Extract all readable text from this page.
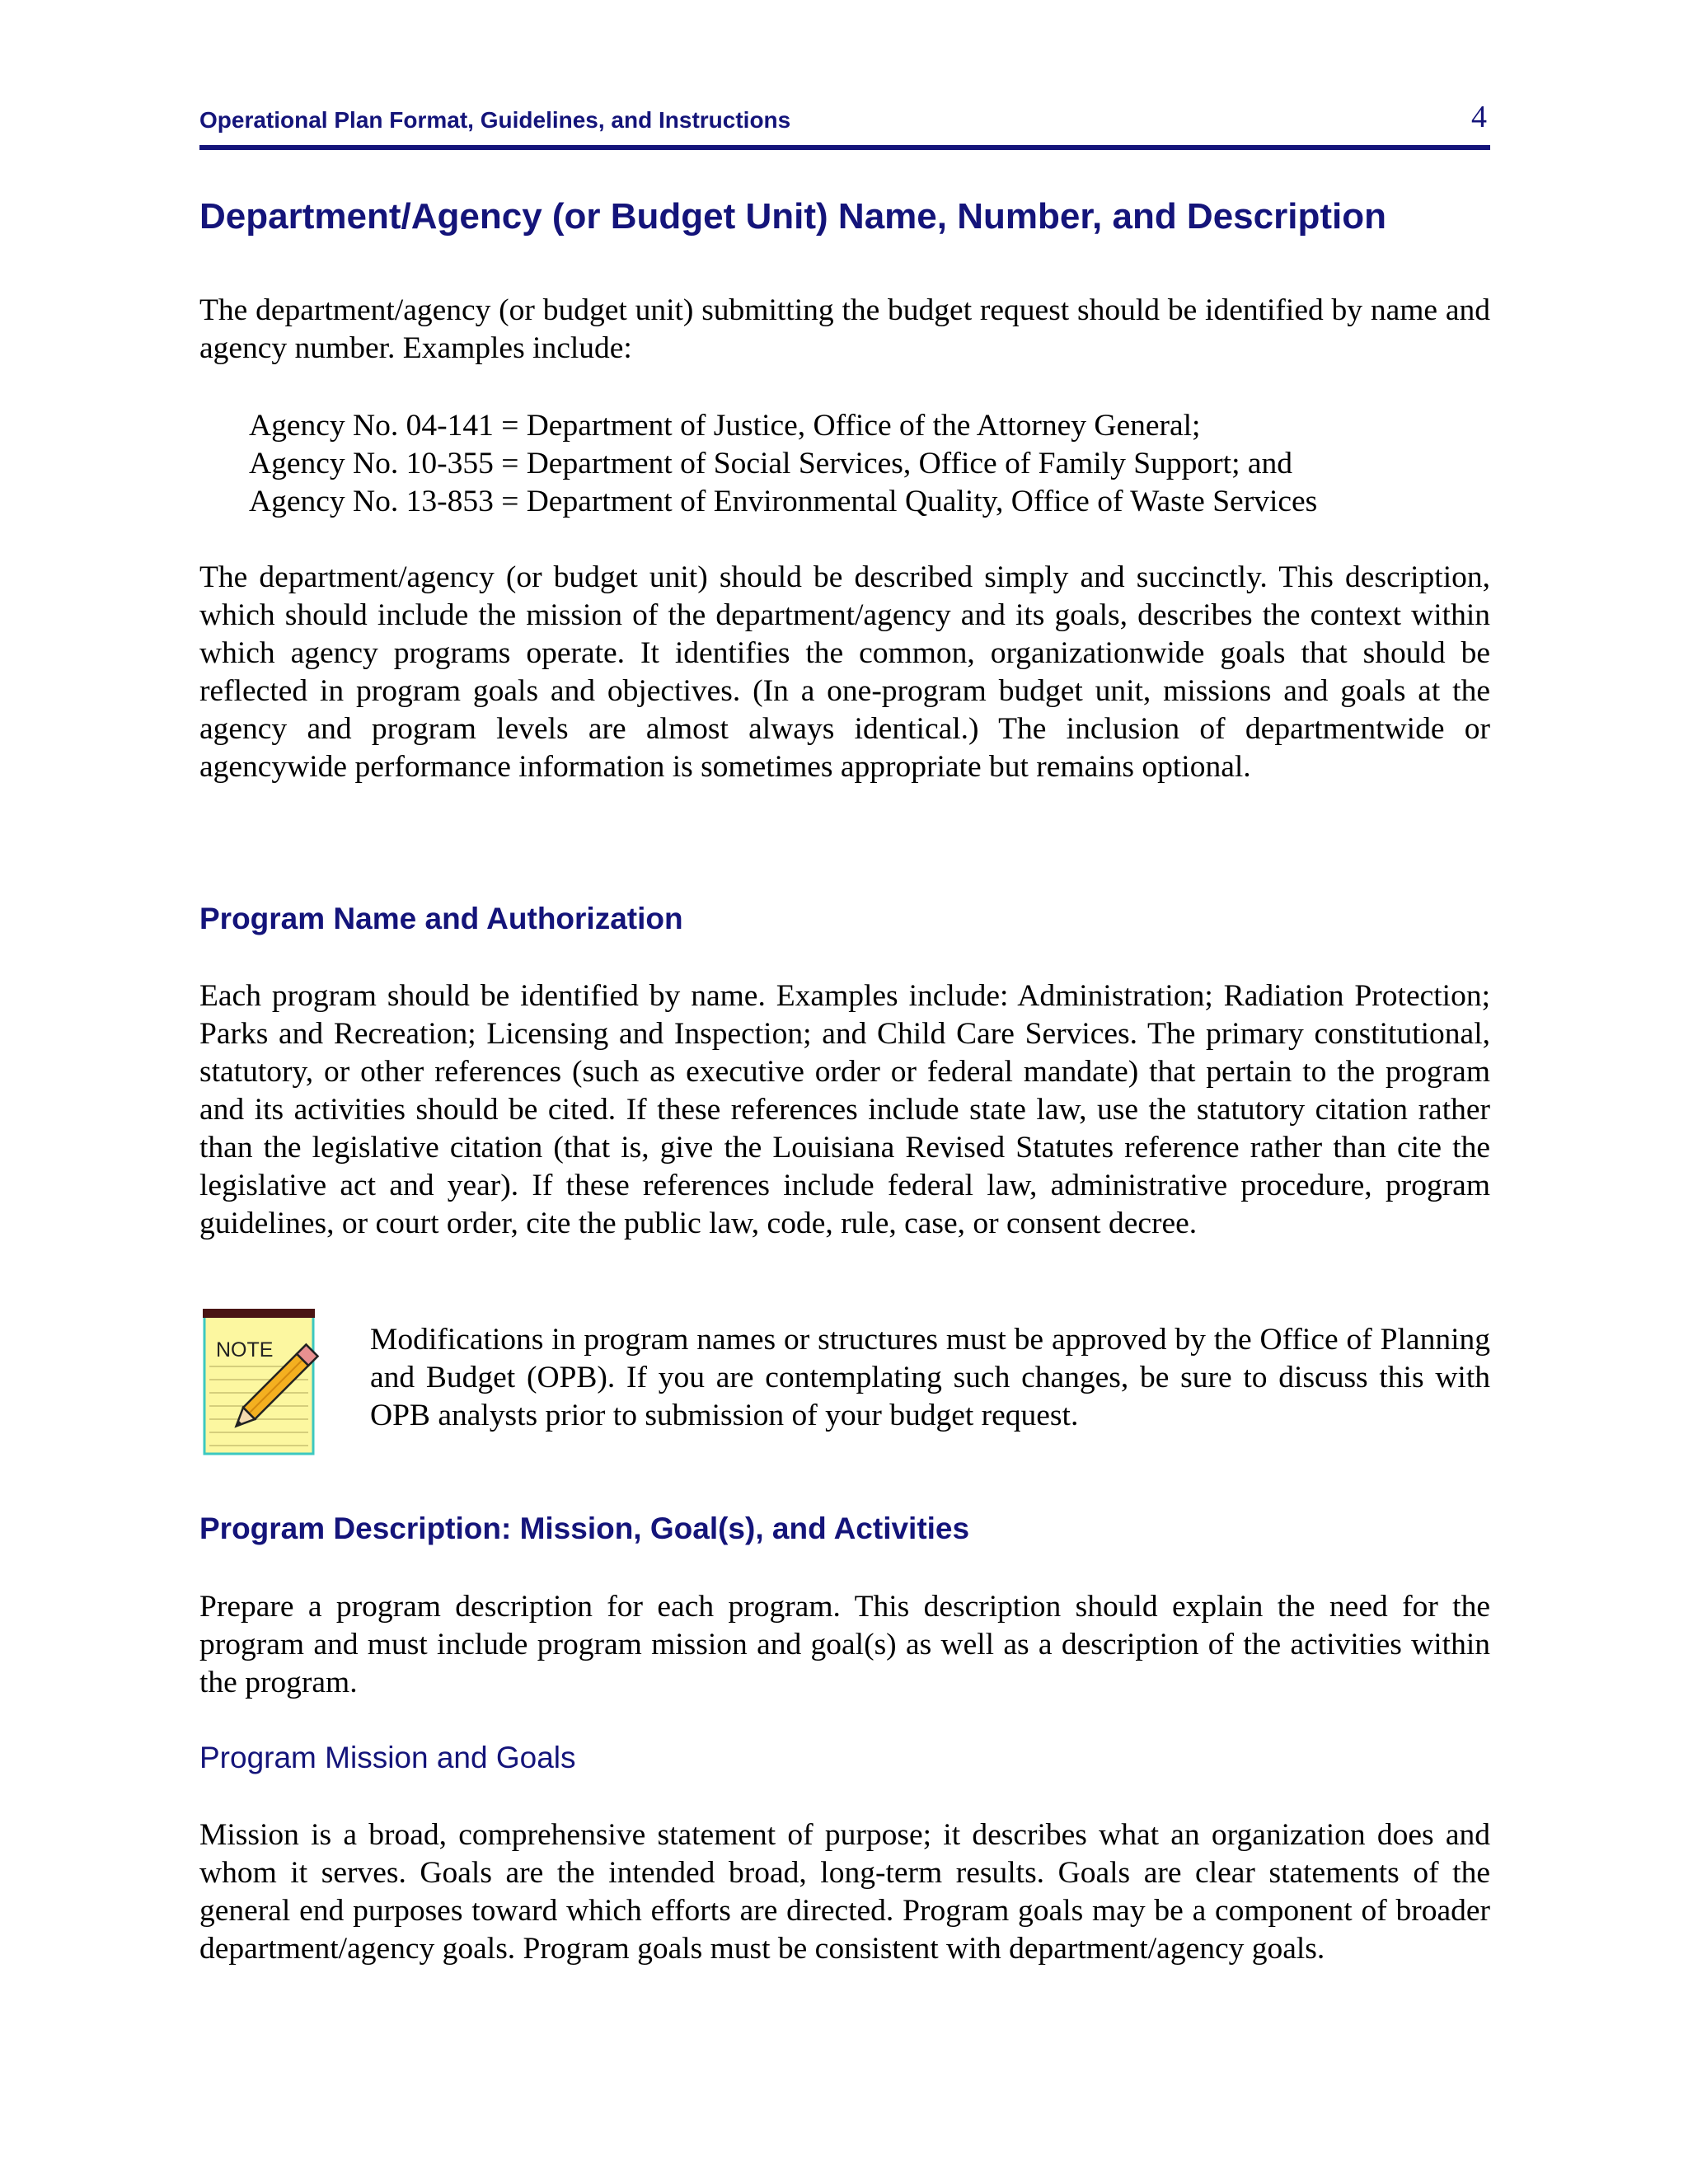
Operational Plan Format, Guidelines, and Instructions	4
Department/Agency (or Budget Unit) Name, Number, and Description

The department/agency (or budget unit) submitting the budget request should be identified by name and agency number. Examples include:

Agency No. 04-141 = Department of Justice, Office of the Attorney General;
Agency No. 10-355 = Department of Social Services, Office of Family Support; and
Agency No. 13-853 = Department of Environmental Quality, Office of Waste Services

The department/agency (or budget unit) should be described simply and succinctly. This description, which should include the mission of the department/agency and its goals, describes the context within which agency programs operate. It identifies the common, organizationwide goals that should be reflected in program goals and objectives. (In a one-program budget unit, missions and goals at the agency and program levels are almost always identical.) The inclusion of departmentwide or agencywide performance information is sometimes appropriate but remains optional.

Program Name and Authorization

Each program should be identified by name. Examples include: Administration; Radiation Protection; Parks and Recreation; Licensing and Inspection; and Child Care Services. The primary constitutional, statutory, or other references (such as executive order or federal mandate) that pertain to the program and its activities should be cited. If these references include state law, use the statutory citation rather than the legislative citation (that is, give the Louisiana Revised Statutes reference rather than cite the legislative act and year). If these references include federal law, administrative procedure, program guidelines, or court order, cite the public law, code, rule, case, or consent decree.

NOTE	Modifications in program names or structures must be approved by the Office of Planning and Budget (OPB). If you are contemplating such changes, be sure to discuss this with OPB analysts prior to submission of your budget request.

Program Description: Mission, Goal(s), and Activities

Prepare a program description for each program. This description should explain the need for the program and must include program mission and goal(s) as well as a description of the activities within the program.

Program Mission and Goals

Mission is a broad, comprehensive statement of purpose; it describes what an organization does and whom it serves. Goals are the intended broad, long-term results. Goals are clear statements of the general end purposes toward which efforts are directed. Program goals may be a component of broader department/agency goals. Program goals must be consistent with department/agency goals.
